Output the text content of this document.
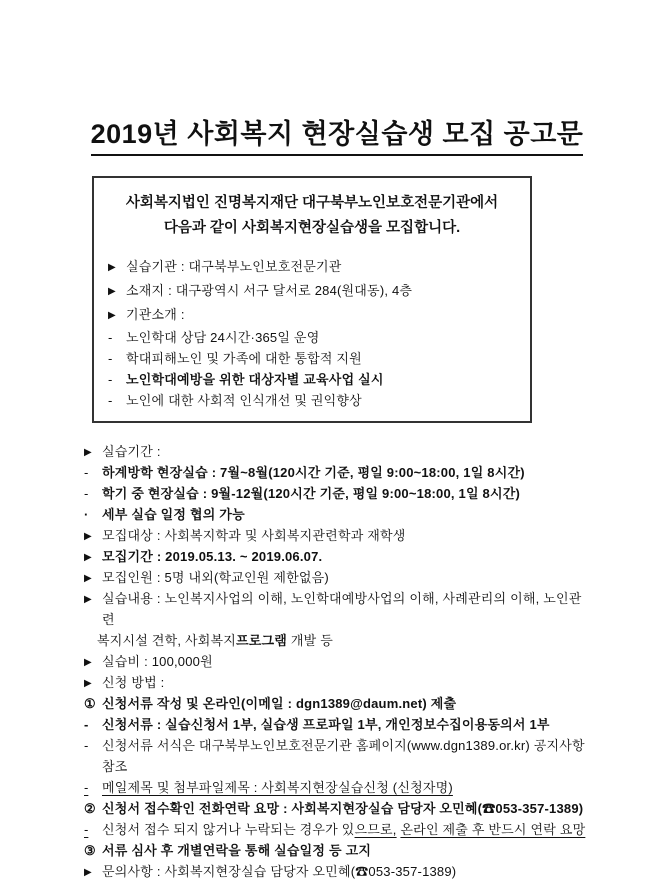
2019년 사회복지 현장실습생 모집 공고문
사회복지법인 진명복지재단 대구북부노인보호전문기관에서
다음과 같이 사회복지현장실습생을 모집합니다.
▶ 실습기관 : 대구북부노인보호전문기관
▶ 소재지 : 대구광역시 서구 달서로 284(원대동), 4층
▶ 기관소개 :
-	노인학대 상담 24시간·365일 운영
-	학대피해노인 및 가족에 대한 통합적 지원
-	노인학대예방을 위한 대상자별 교육사업 실시
-	노인에 대한 사회적 인식개선 및 권익향상
▶ 실습기간 :
-	하계방학 현장실습 : 7월~8월(120시간 기준, 평일 9:00~18:00, 1일 8시간)
-	학기 중 현장실습 : 9월-12월(120시간 기준, 평일 9:00~18:00, 1일 8시간)
·	세부 실습 일정 협의 가능
▶ 모집대상 : 사회복지학과 및 사회복지관련학과 재학생
▶ 모집기간 : 2019.05.13. ~ 2019.06.07.
▶ 모집인원 : 5명 내외(학교인원 제한없음)
▶ 실습내용 : 노인복지사업의 이해, 노인학대예방사업의 이해, 사례관리의 이해, 노인관련
복지시설 견학, 사회복지프로그램 개발 등
▶ 실습비 : 100,000원
▶ 신청 방법 :
① 신청서류 작성 및 온라인(이메일 : dgn1389@daum.net) 제출
-	신청서류 : 실습신청서 1부, 실습생 프로파일 1부, 개인정보수집이용동의서 1부
-	신청서류 서식은 대구북부노인보호전문기관 홈페이지(www.dgn1389.or.kr) 공지사항 참조
-	메일제목 및 첨부파일제목 : 사회복지현장실습신청 (신청자명)
② 신청서 접수확인 전화연락 요망 : 사회복지현장실습 담당자 오민혜(☎053-357-1389)
-	신청서 접수 되지 않거나 누락되는 경우가 있으므로, 온라인 제출 후 반드시 연락 요망
③ 서류 심사 후 개별연락을 통해 실습일정 등 고지
▶ 문의사항 : 사회복지현장실습 담당자 오민혜(☎053-357-1389)
